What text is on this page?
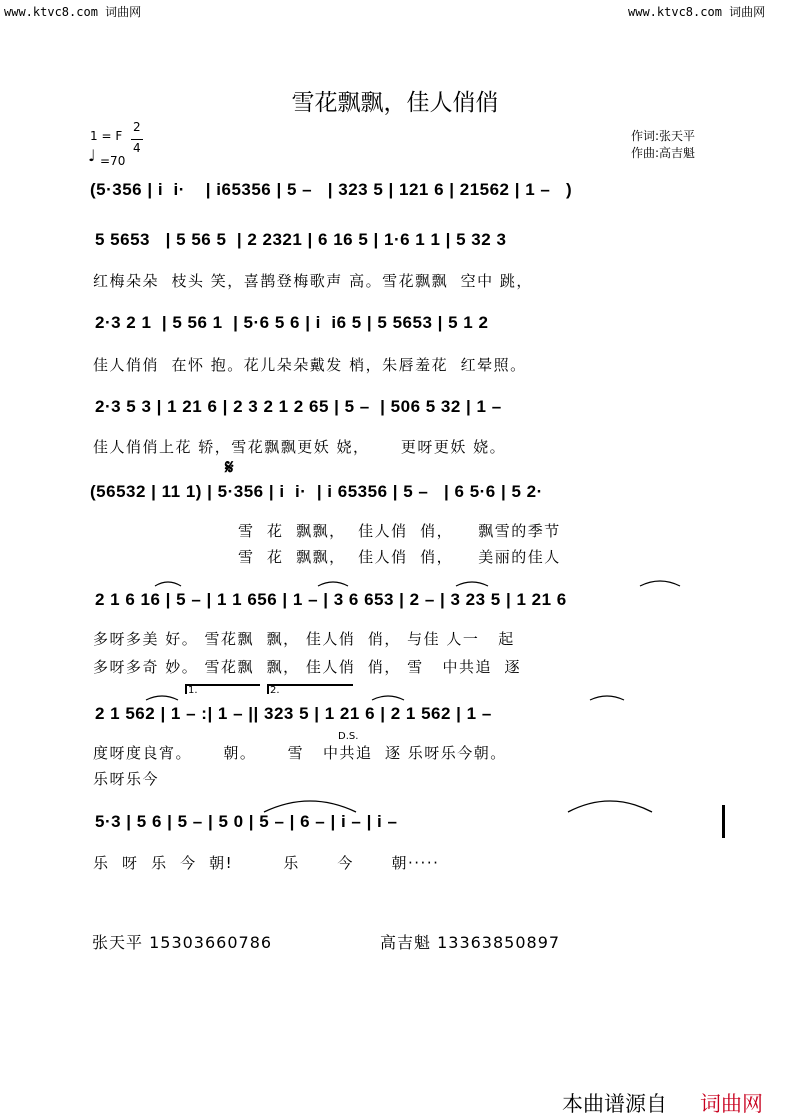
www.ktvc8.com 词曲网	www.ktvc8.com 词曲网
雪花飘飘，佳人俏俏
1 = F
2
4
♩ =70
作词:张天平
作曲:高吉魁
(5·356 | i  i·    | i65356 | 5 –   | 323 5 | 121 6 | 21562 | 1 –   )
5 5653   | 5 56 5  | 2 2321 | 6 16 5 | 1·6 1 1 | 5 32 3
红梅朵朵  枝头 笑，喜鹊登梅歌声 高。雪花飘飘  空中 跳，
2·3 2 1  | 5 56 1  | 5·6 5 6 | i  i6 5 | 5 5653 | 5 1 2
佳人俏俏  在怀 抱。花儿朵朵戴发 梢，朱唇羞花  红晕照。
2·3 5 3 | 1 21 6 | 2 3 2 1 2 65 | 5 –  | 506 5 32 | 1 –
佳人俏俏上花 轿，雪花飘飘更妖 娆，     更呀更妖 娆。
𝄋
(56532 | 11 1) | 5·356 | i  i·  | i 65356 | 5 –   | 6 5·6 | 5 2·
雪  花  飘飘，  佳人俏  俏，    飘雪的季节
雪  花  飘飘，  佳人俏  俏，    美丽的佳人
2 1 6 16 | 5 – | 1 1 656 | 1 – | 3 6 653 | 2 – | 3 23 5 | 1 21 6
多呀多美 好。 雪花飘  飘， 佳人俏  俏， 与佳 人一   起
多呀多奇 妙。 雪花飘  飘， 佳人俏  俏， 雪   中共追  逐
1.	2.
2 1 562 | 1 – :| 1 – || 323 5 | 1 21 6 | 2 1 562 | 1 –
D.S.
度呀度良宵。     朝。     雪   中共追  逐 乐呀乐今朝。
乐呀乐今
5·3 | 5 6 | 5 – | 5 0 | 5 – | 6 – | i – | i –
乐  呀  乐  今  朝!        乐      今      朝·····
张天平 15303660786	高吉魁 13363850897
本曲谱源自 词曲网
